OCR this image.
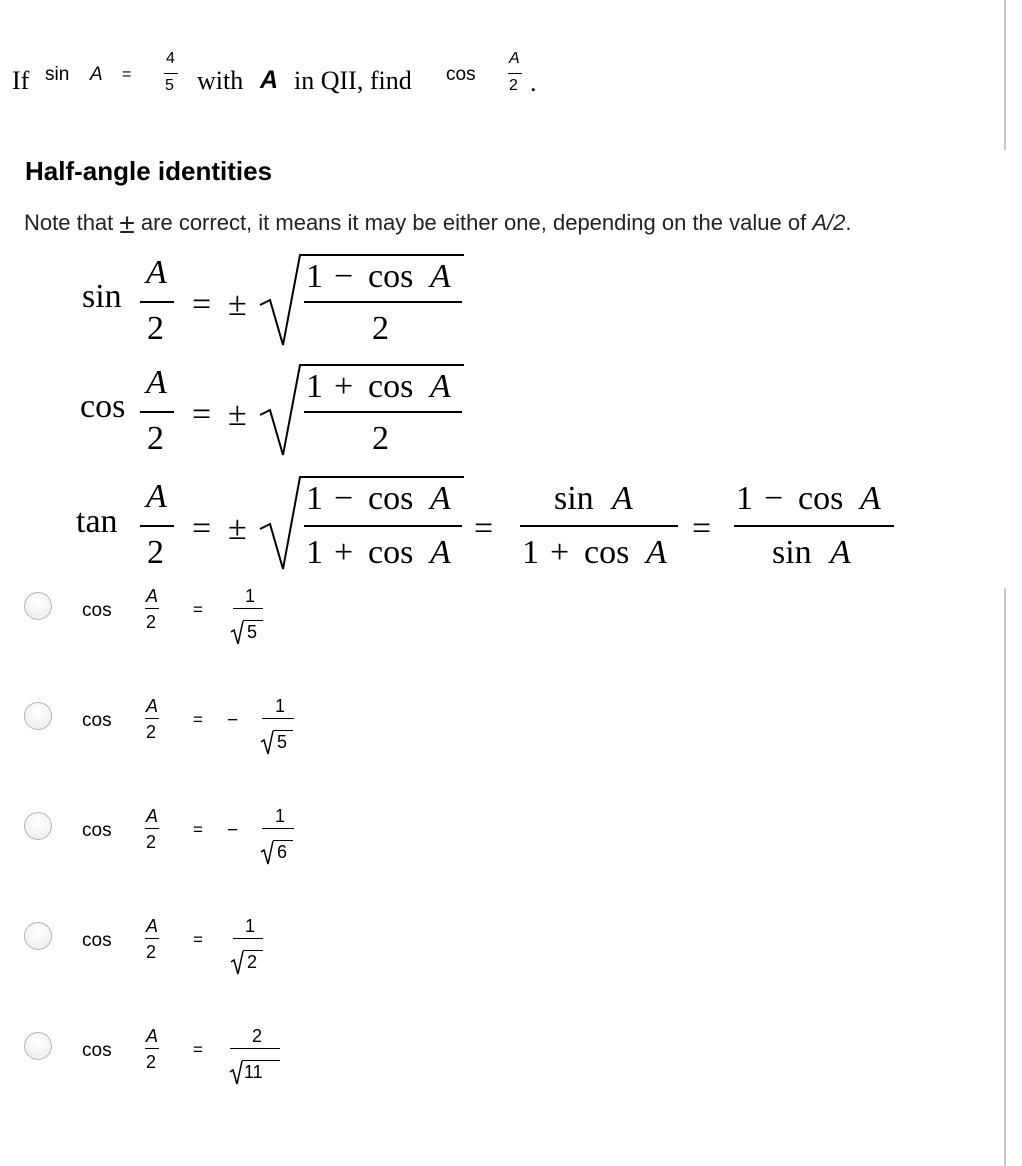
If sin A =
4
5 with A in QII, find cos
A
2 .
Half-angle identities
Note that ± are correct, it means it may be either one, depending on the value of A/2.
sin
A
2
= ±
1 − cos A
2
cos
A
2
= ±
1 + cos A
2
tan
A
2
= ±
1 − cos A
1 + cos A
=
sin A
1 + cos A
=
1 − cos A
sin A
cos
A
2
=
1
5
cos
A
2
= −
1
5
cos
A
2
= −
1
6
cos
A
2
=
1
2
cos
A
2
=
2
11
